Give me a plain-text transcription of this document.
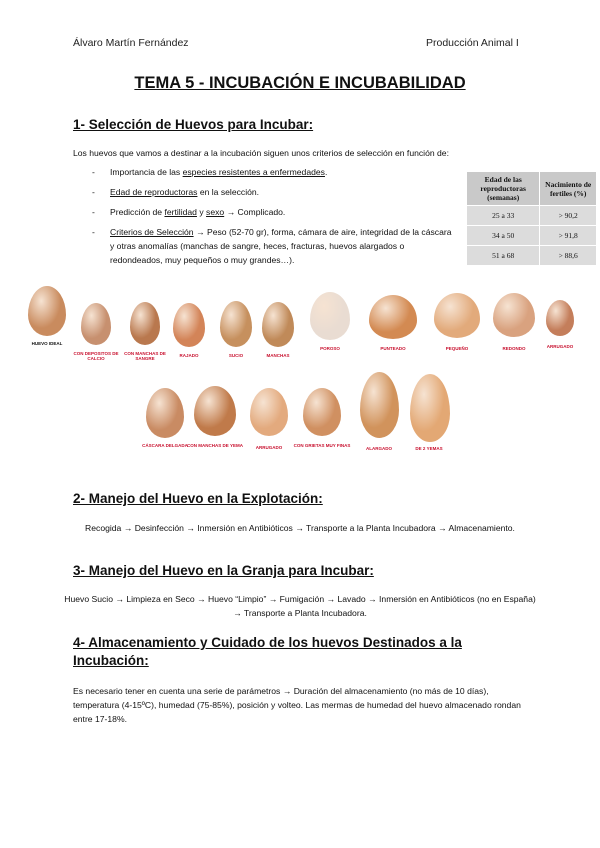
Álvaro Martín Fernández	Producción Animal I
TEMA 5 - INCUBACIÓN E INCUBABILIDAD
1- Selección de Huevos para Incubar:
Los huevos que vamos a destinar a la incubación siguen unos criterios de selección en función de:
- Importancia de las especies resistentes a enfermedades.
- Edad de reproductoras en la selección.
- Predicción de fertilidad y sexo → Complicado.
- Criterios de Selección → Peso (52-70 gr), forma, cámara de aire, integridad de la cáscara y otras anomalías (manchas de sangre, heces, fracturas, huevos alargados o redondeados, muy pequeños o muy grandes…).
Edad de las reproductoras (semanas)	Nacimiento de fertiles (%)
25 a 33	> 90,2
34 a 50	> 91,8
51 a 68	> 88,6
HUEVO IDEAL
CON DEPOSITOS DE CALCIO
CON MANCHAS DE SANGRE
RAJADO	SUCIO	MANCHAS
POROSO	PUNTEADO	PEQUEÑO	REDONDO	ARRUGADO
CÁSCARA DELGADA CON MANCHAS DE YEMA	ARRUGADO	CON GRIETAS MUY FINAS
ALARGADO	DE 2 YEMAS
2- Manejo del Huevo en la Explotación:
Recogida → Desinfección → Inmersión en Antibióticos → Transporte a la Planta Incubadora → Almacenamiento.
3- Manejo del Huevo en la Granja para Incubar:
Huevo Sucio → Limpieza en Seco → Huevo “Limpio” → Fumigación → Lavado → Inmersión en Antibióticos (no en España) → Transporte a Planta Incubadora.
4- Almacenamiento y Cuidado de los huevos Destinados a la Incubación:
Es necesario tener en cuenta una serie de parámetros → Duración del almacenamiento (no más de 10 días), temperatura (4-15ºC), humedad (75-85%), posición y volteo. Las mermas de humedad del huevo almacenado rondan entre 17-18%.
